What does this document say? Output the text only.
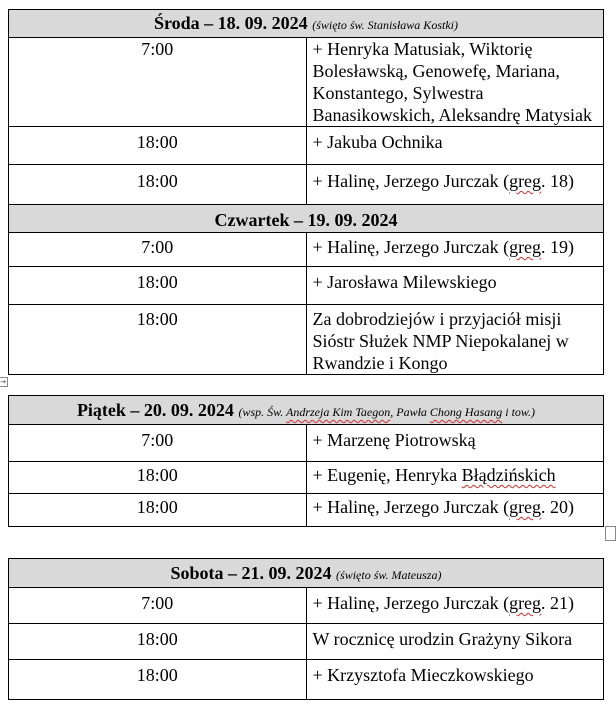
Środa – 18. 09. 2024 (święto św. Stanisława Kostki)	
7:00	+ Henryka Matusiak, Wiktorię Bolesławską, Genowefę, Mariana, Konstantego, Sylwestra Banasikowskich, Aleksandrę Matysiak
18:00	+ Jakuba Ochnika
18:00	+ Halinę, Jerzego Jurczak (greg. 18)
Czwartek – 19. 09. 2024	
7:00	+ Halinę, Jerzego Jurczak (greg. 19)
18:00	+ Jarosława Milewskiego
18:00	Za dobrodziejów i przyjaciół misji Sióstr Służek NMP Niepokalanej w Rwandzie i Kongo
→
Piątek – 20. 09. 2024 (wsp. Św. Andrzeja Kim Taegon, Pawła Chong Hasang i tow.)	
7:00	+ Marzenę Piotrowską
18:00	+ Eugenię, Henryka Błądzińskich
18:00	+ Halinę, Jerzego Jurczak (greg. 20)
Sobota – 21. 09. 2024 (święto św. Mateusza)	
7:00	+ Halinę, Jerzego Jurczak (greg. 21)
18:00	W rocznicę urodzin Grażyny Sikora
18:00	+ Krzysztofa Mieczkowskiego
